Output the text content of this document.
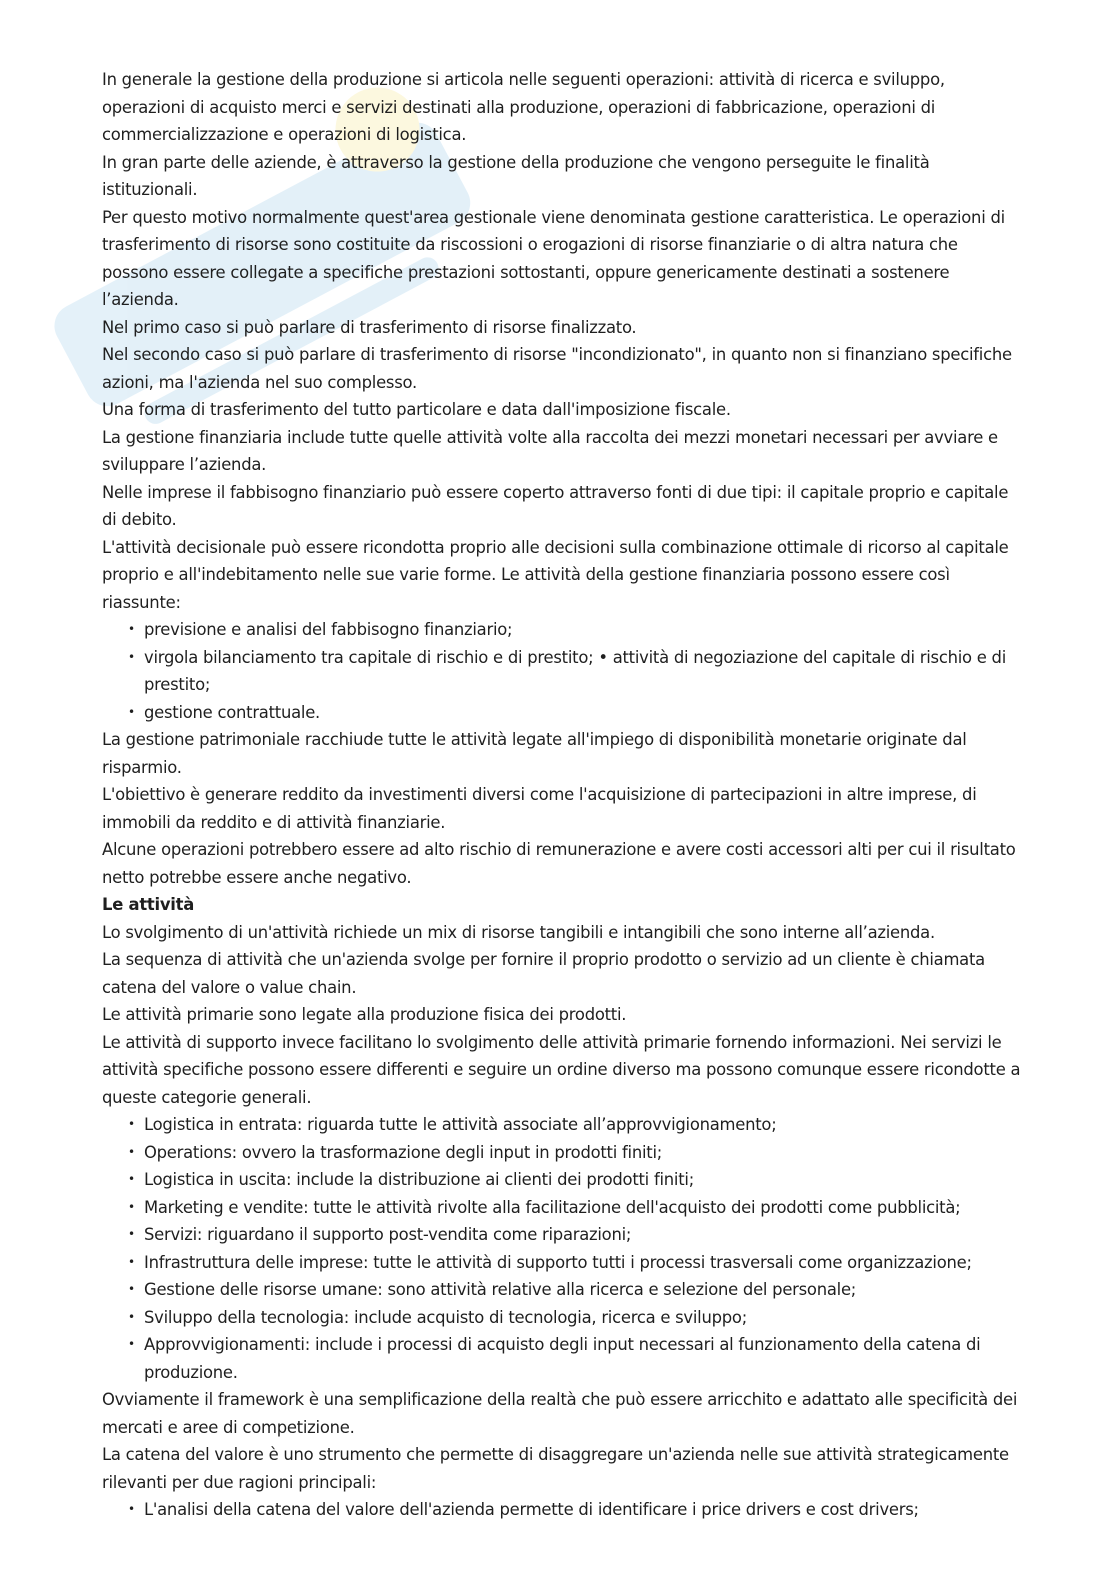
In generale la gestione della produzione si articola nelle seguenti operazioni: attività di ricerca e sviluppo, operazioni di acquisto merci e servizi destinati alla produzione, operazioni di fabbricazione, operazioni di commercializzazione e operazioni di logistica.

In gran parte delle aziende, è attraverso la gestione della produzione che vengono perseguite le finalità istituzionali.

Per questo motivo normalmente quest'area gestionale viene denominata gestione caratteristica. Le operazioni di trasferimento di risorse sono costituite da riscossioni o erogazioni di risorse finanziarie o di altra natura che possono essere collegate a specifiche prestazioni sottostanti, oppure genericamente destinati a sostenere l’azienda.

Nel primo caso si può parlare di trasferimento di risorse finalizzato.

Nel secondo caso si può parlare di trasferimento di risorse "incondizionato", in quanto non si finanziano specifiche azioni, ma l'azienda nel suo complesso.

Una forma di trasferimento del tutto particolare e data dall'imposizione fiscale.

La gestione finanziaria include tutte quelle attività volte alla raccolta dei mezzi monetari necessari per avviare e sviluppare l’azienda.

Nelle imprese il fabbisogno finanziario può essere coperto attraverso fonti di due tipi: il capitale proprio e capitale di debito.

L'attività decisionale può essere ricondotta proprio alle decisioni sulla combinazione ottimale di ricorso al capitale proprio e all'indebitamento nelle sue varie forme. Le attività della gestione finanziaria possono essere così riassunte:

• previsione e analisi del fabbisogno finanziario;
• virgola bilanciamento tra capitale di rischio e di prestito; • attività di negoziazione del capitale di rischio e di prestito;
• gestione contrattuale.

La gestione patrimoniale racchiude tutte le attività legate all'impiego di disponibilità monetarie originate dal risparmio.

L'obiettivo è generare reddito da investimenti diversi come l'acquisizione di partecipazioni in altre imprese, di immobili da reddito e di attività finanziarie.

Alcune operazioni potrebbero essere ad alto rischio di remunerazione e avere costi accessori alti per cui il risultato netto potrebbe essere anche negativo.

Le attività

Lo svolgimento di un'attività richiede un mix di risorse tangibili e intangibili che sono interne all’azienda.

La sequenza di attività che un'azienda svolge per fornire il proprio prodotto o servizio ad un cliente è chiamata catena del valore o value chain.

Le attività primarie sono legate alla produzione fisica dei prodotti.

Le attività di supporto invece facilitano lo svolgimento delle attività primarie fornendo informazioni. Nei servizi le attività specifiche possono essere differenti e seguire un ordine diverso ma possono comunque essere ricondotte a queste categorie generali.

• Logistica in entrata: riguarda tutte le attività associate all’approvvigionamento;
• Operations: ovvero la trasformazione degli input in prodotti finiti;
• Logistica in uscita: include la distribuzione ai clienti dei prodotti finiti;
• Marketing e vendite: tutte le attività rivolte alla facilitazione dell'acquisto dei prodotti come pubblicità;
• Servizi: riguardano il supporto post-vendita come riparazioni;
• Infrastruttura delle imprese: tutte le attività di supporto tutti i processi trasversali come organizzazione;
• Gestione delle risorse umane: sono attività relative alla ricerca e selezione del personale;
• Sviluppo della tecnologia: include acquisto di tecnologia, ricerca e sviluppo;
• Approvvigionamenti: include i processi di acquisto degli input necessari al funzionamento della catena di produzione.

Ovviamente il framework è una semplificazione della realtà che può essere arricchito e adattato alle specificità dei mercati e aree di competizione.

La catena del valore è uno strumento che permette di disaggregare un'azienda nelle sue attività strategicamente rilevanti per due ragioni principali:

• L'analisi della catena del valore dell'azienda permette di identificare i price drivers e cost drivers;
